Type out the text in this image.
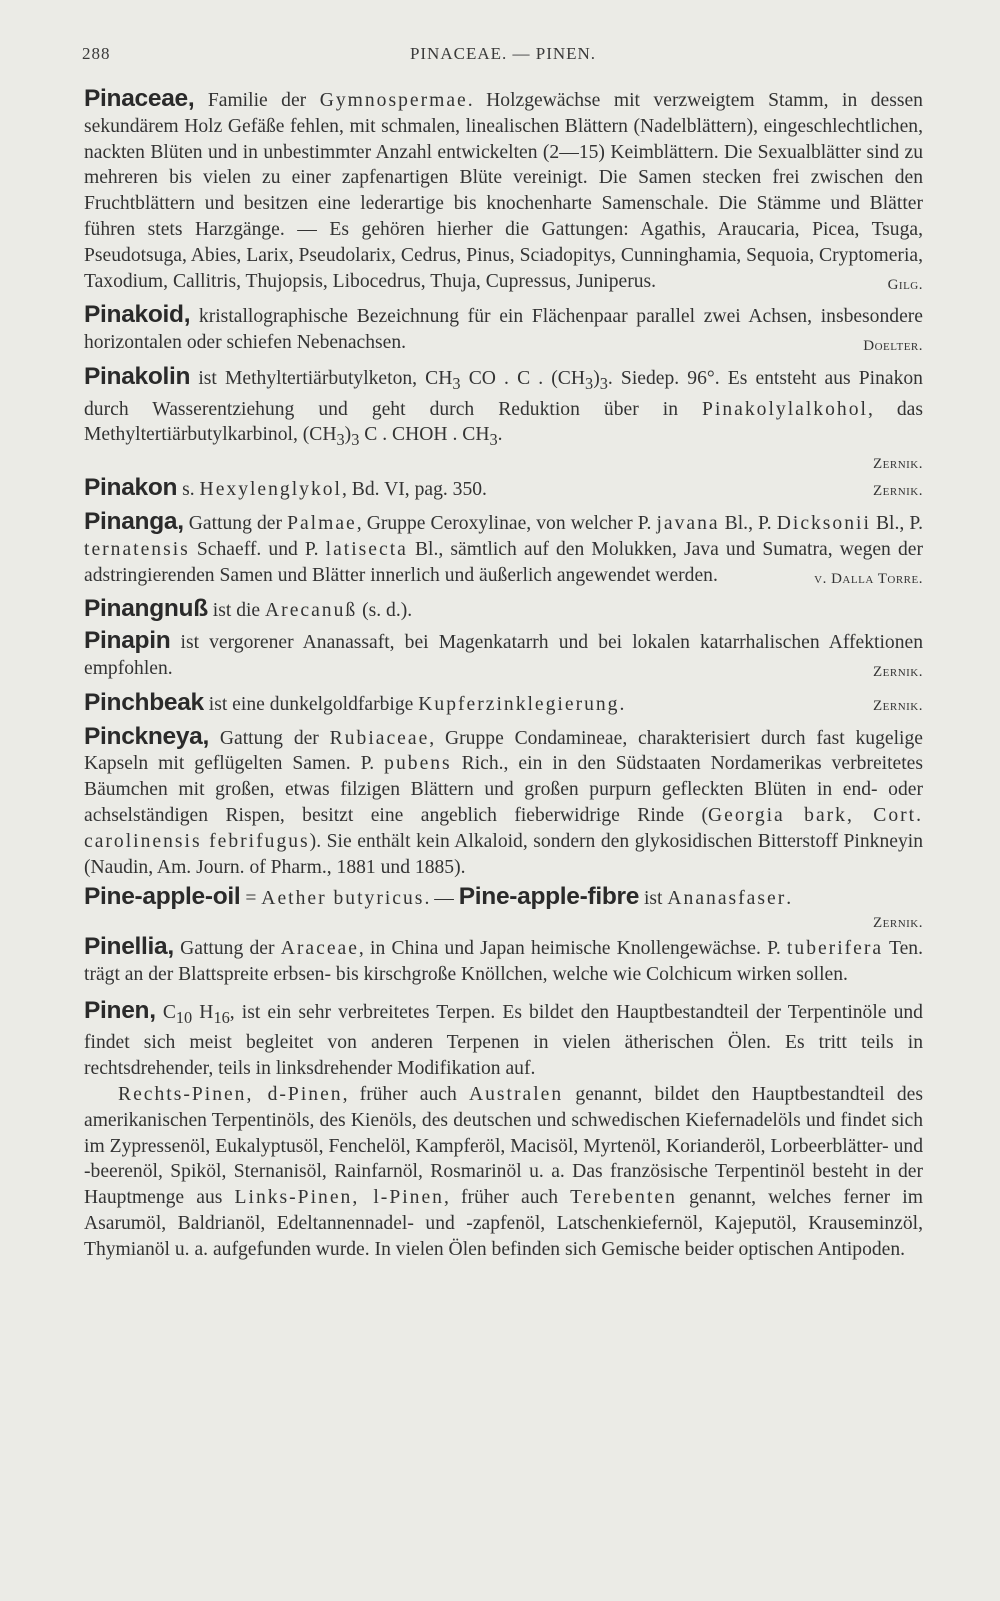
288	PINACEAE. — PINEN.

Pinaceae, Familie der Gymnospermae. Holzgewächse mit verzweigtem Stamm, in dessen sekundärem Holz Gefäße fehlen, mit schmalen, linealischen Blättern (Nadelblättern), eingeschlechtlichen, nackten Blüten und in unbestimmter Anzahl entwickelten (2—15) Keimblättern. Die Sexualblätter sind zu mehreren bis vielen zu einer zapfenartigen Blüte vereinigt. Die Samen stecken frei zwischen den Fruchtblättern und besitzen eine lederartige bis knochenharte Samenschale. Die Stämme und Blätter führen stets Harzgänge. — Es gehören hierher die Gattungen: Agathis, Araucaria, Picea, Tsuga, Pseudotsuga, Abies, Larix, Pseudolarix, Cedrus, Pinus, Sciadopitys, Cunninghamia, Sequoia, Cryptomeria, Taxodium, Callitris, Thujopsis, Libocedrus, Thuja, Cupressus, Juniperus.	Gilg.

Pinakoid, kristallographische Bezeichnung für ein Flächenpaar parallel zwei Achsen, insbesondere horizontalen oder schiefen Nebenachsen.	Doelter.

Pinakolin ist Methyltertiärbutylketon, $CH_3$ CO . C . $(CH_3)_3$. Siedep. 96°. Es entsteht aus Pinakon durch Wasserentziehung und geht durch Reduktion über in Pinakolylalkohol, das Methyltertiärbutylkarbinol, $(CH_3)_3$ C . CHOH . $CH_3$.

Zernik.

Pinakon s. Hexylenglykol, Bd. VI, pag. 350.	Zernik.

Pinanga, Gattung der Palmae, Gruppe Ceroxylinae, von welcher P. javana Bl., P. Dicksonii Bl., P. ternatensis Schaeff. und P. latisecta Bl., sämtlich auf den Molukken, Java und Sumatra, wegen der adstringierenden Samen und Blätter innerlich und äußerlich angewendet werden.	v. Dalla Torre.

Pinangnuß ist die Arecanuß (s. d.).

Pinapin ist vergorener Ananassaft, bei Magenkatarrh und bei lokalen katarrhalischen Affektionen empfohlen.	Zernik.

Pinchbeak ist eine dunkelgoldfarbige Kupferzinklegierung.	Zernik.

Pinckneya, Gattung der Rubiaceae, Gruppe Condamineae, charakterisiert durch fast kugelige Kapseln mit geflügelten Samen. P. pubens Rich., ein in den Südstaaten Nordamerikas verbreitetes Bäumchen mit großen, etwas filzigen Blättern und großen purpurn gefleckten Blüten in end- oder achselständigen Rispen, besitzt eine angeblich fieberwidrige Rinde (Georgia bark, Cort. carolinensis febrifugus). Sie enthält kein Alkaloid, sondern den glykosidischen Bitterstoff Pinkneyin (Naudin, Am. Journ. of Pharm., 1881 und 1885).

Pine-apple-oil = Aether butyricus. — Pine-apple-fibre ist Ananasfaser.

Zernik.

Pinellia, Gattung der Araceae, in China und Japan heimische Knollengewächse. P. tuberifera Ten. trägt an der Blattspreite erbsen- bis kirschgroße Knöllchen, welche wie Colchicum wirken sollen.

Pinen, $C_{10}$ $H_{16}$, ist ein sehr verbreitetes Terpen. Es bildet den Hauptbestandteil der Terpentinöle und findet sich meist begleitet von anderen Terpenen in vielen ätherischen Ölen. Es tritt teils in rechtsdrehender, teils in linksdrehender Modifikation auf.

Rechts-Pinen, d-Pinen, früher auch Australen genannt, bildet den Hauptbestandteil des amerikanischen Terpentinöls, des Kienöls, des deutschen und schwedischen Kiefernadelöls und findet sich im Zypressenöl, Eukalyptusöl, Fenchelöl, Kampferöl, Macisöl, Myrtenöl, Korianderöl, Lorbeerblätter- und -beerenöl, Spiköl, Sternanisöl, Rainfarnöl, Rosmarinöl u. a. Das französische Terpentinöl besteht in der Hauptmenge aus Links-Pinen, l-Pinen, früher auch Terebenten genannt, welches ferner im Asarumöl, Baldrianöl, Edeltannennadel- und -zapfenöl, Latschenkiefernöl, Kajeputöl, Krauseminzöl, Thymianöl u. a. aufgefunden wurde. In vielen Ölen befinden sich Gemische beider optischen Antipoden.
